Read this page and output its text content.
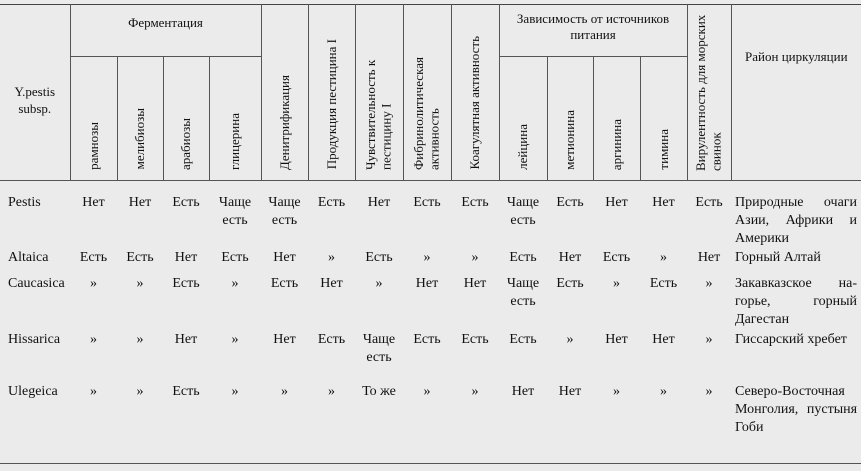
Y.pestis subsp.	Ферментация				Денитрификация	Продукция пестицина I	Чувствительность к пестицину I	Фибринолитическая активность	Коагулятная активность	Зависимость от источников питания				Вирулентность для морских свинок	Район циркуляции
	рамнозы	мелибиозы	арабиозы	глицерина						лейцина	метионина	аргинина	тимина		
Pestis	Нет	Нет	Есть	Чаще есть	Чаще есть	Есть	Нет	Есть	Есть	Чаще есть	Есть	Нет	Нет	Есть	Природные очаги Азии, Африки и Америки
Altaica	Есть	Есть	Нет	Есть	Нет	»	Есть	»	»	Есть	Нет	Есть	»	Нет	Горный Алтай
Caucasica	»	»	Есть	»	Есть	Нет	»	Нет	Нет	Чаще есть	Есть	»	Есть	»	Закавказское нагорье, горный Дагестан
Hissarica	»	»	Нет	»	Нет	Есть	Чаще есть	Есть	Есть	Есть	»	Нет	Нет	»	Гиссарский хребет
Ulegeica	»	»	Есть	»	»	»	То же	»	»	Нет	Нет	»	»	»	Северо-Восточная Монголия, пустыня Гоби
